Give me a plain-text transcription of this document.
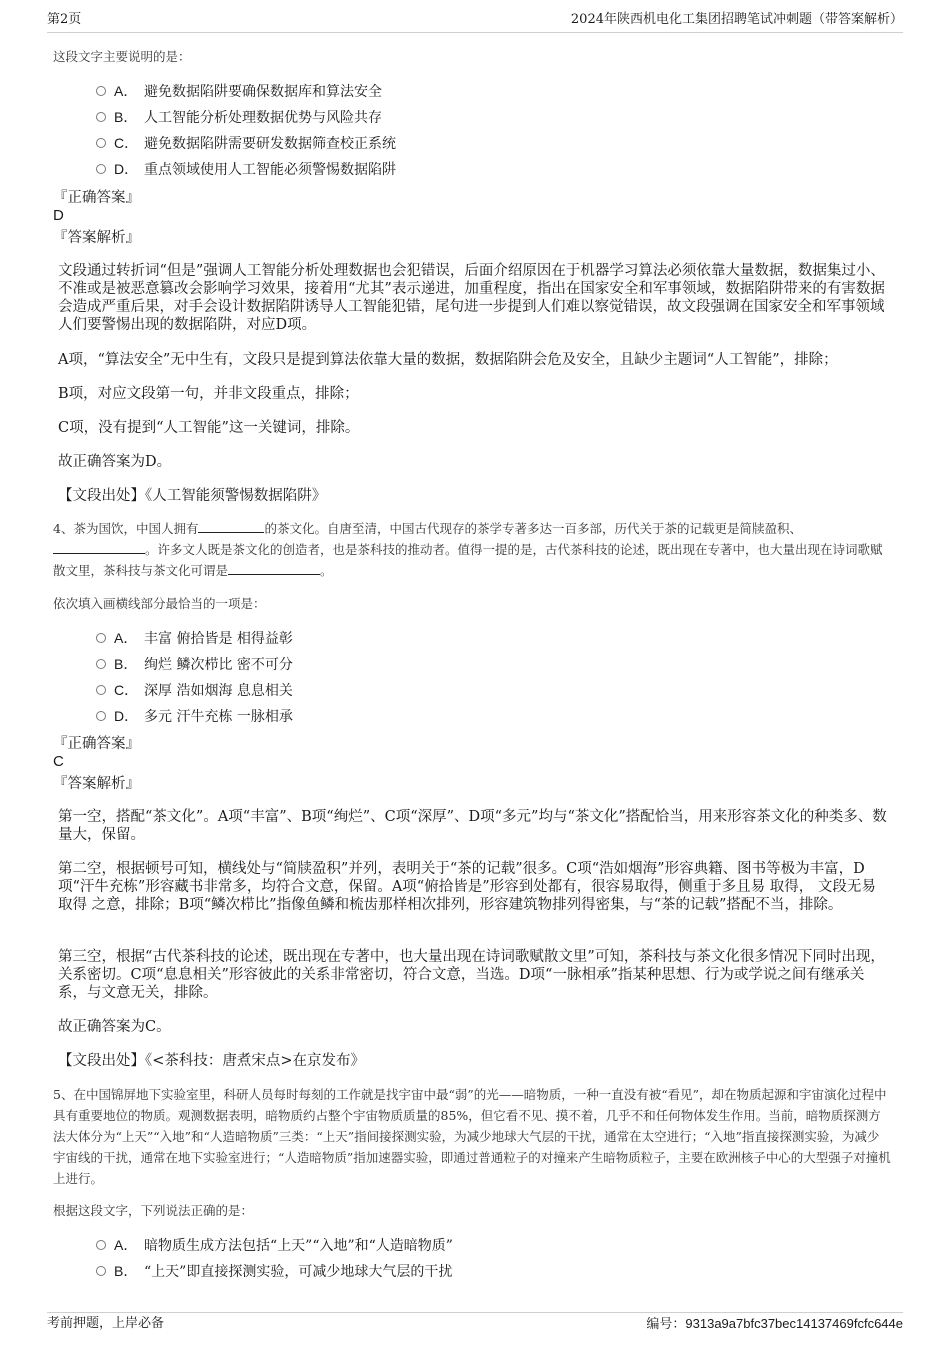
第2页	2024年陕西机电化工集团招聘笔试冲刺题（带答案解析）
这段文字主要说明的是：
A． 避免数据陷阱要确保数据库和算法安全
B． 人工智能分析处理数据优势与风险共存
C． 避免数据陷阱需要研发数据筛查校正系统
D． 重点领域使用人工智能必须警惕数据陷阱
『正确答案』
D
『答案解析』
文段通过转折词“但是”强调人工智能分析处理数据也会犯错误，后面介绍原因在于机器学习算法必须依靠大量数据，数据集过小、不准或是被恶意篡改会影响学习效果，接着用“尤其”表示递进，加重程度，指出在国家安全和军事领域，数据陷阱带来的有害数据会造成严重后果，对手会设计数据陷阱诱导人工智能犯错，尾句进一步提到人们难以察觉错误，故文段强调在国家安全和军事领域人们要警惕出现的数据陷阱，对应D项。
A项，“算法安全”无中生有，文段只是提到算法依靠大量的数据，数据陷阱会危及安全，且缺少主题词“人工智能”，排除；
B项，对应文段第一句，并非文段重点，排除；
C项，没有提到“人工智能”这一关键词，排除。
故正确答案为D。
【文段出处】《人工智能须警惕数据陷阱》
4、茶为国饮，中国人拥有	的茶文化。自唐至清，中国古代现存的茶学专著多达一百多部，历代关于茶的记载更是简牍盈积、。许多文人既是茶文化的创造者，也是茶科技的推动者。值得一提的是，古代茶科技的论述，既出现在专著中，也大量出现在诗词歌赋散文里，茶科技与茶文化可谓是	。
依次填入画横线部分最恰当的一项是：
A． 丰富 俯拾皆是 相得益彰
B． 绚烂 鳞次栉比 密不可分
C． 深厚 浩如烟海 息息相关
D． 多元 汗牛充栋 一脉相承
『正确答案』
C
『答案解析』
第一空，搭配“茶文化”。A项“丰富”、B项“绚烂”、C项“深厚”、D项“多元”均与“茶文化”搭配恰当，用来形容茶文化的种类多、数量大，保留。
第二空，根据顿号可知，横线处与“简牍盈积”并列，表明关于“茶的记载”很多。C项“浩如烟海”形容典籍、图书等极为丰富，D项“汗牛充栋”形容藏书非常多，均符合文意，保留。A项“俯拾皆是”形容到处都有，很容易取得，侧重于多且易 取得， 文段无易 取得 之意，排除；B项“鳞次栉比”指像鱼鳞和梳齿那样相次排列，形容建筑物排列得密集，与“茶的记载”搭配不当，排除。
第三空，根据“古代茶科技的论述，既出现在专著中，也大量出现在诗词歌赋散文里”可知，茶科技与茶文化很多情况下同时出现，关系密切。C项“息息相关”形容彼此的关系非常密切，符合文意，当选。D项“一脉相承”指某种思想、行为或学说之间有继承关系，与文意无关，排除。
故正确答案为C。
【文段出处】《<茶科技：唐煮宋点>在京发布》
5、在中国锦屏地下实验室里，科研人员每时每刻的工作就是找宇宙中最“弱”的光——暗物质，一种一直没有被“看见”，却在物质起源和宇宙演化过程中具有重要地位的物质。观测数据表明，暗物质约占整个宇宙物质质量的85%，但它看不见、摸不着，几乎不和任何物体发生作用。当前，暗物质探测方法大体分为“上天”“入地”和“人造暗物质”三类：“上天”指间接探测实验，为减少地球大气层的干扰，通常在太空进行；“入地”指直接探测实验，为减少宇宙线的干扰，通常在地下实验室进行；“人造暗物质”指加速器实验，即通过普通粒子的对撞来产生暗物质粒子，主要在欧洲核子中心的大型强子对撞机上进行。
根据这段文字，下列说法正确的是：
A． 暗物质生成方法包括“上天”“入地”和“人造暗物质”
B． “上天”即直接探测实验，可减少地球大气层的干扰
考前押题，上岸必备	编号：9313a9a7bfc37bec14137469fcfc644e
